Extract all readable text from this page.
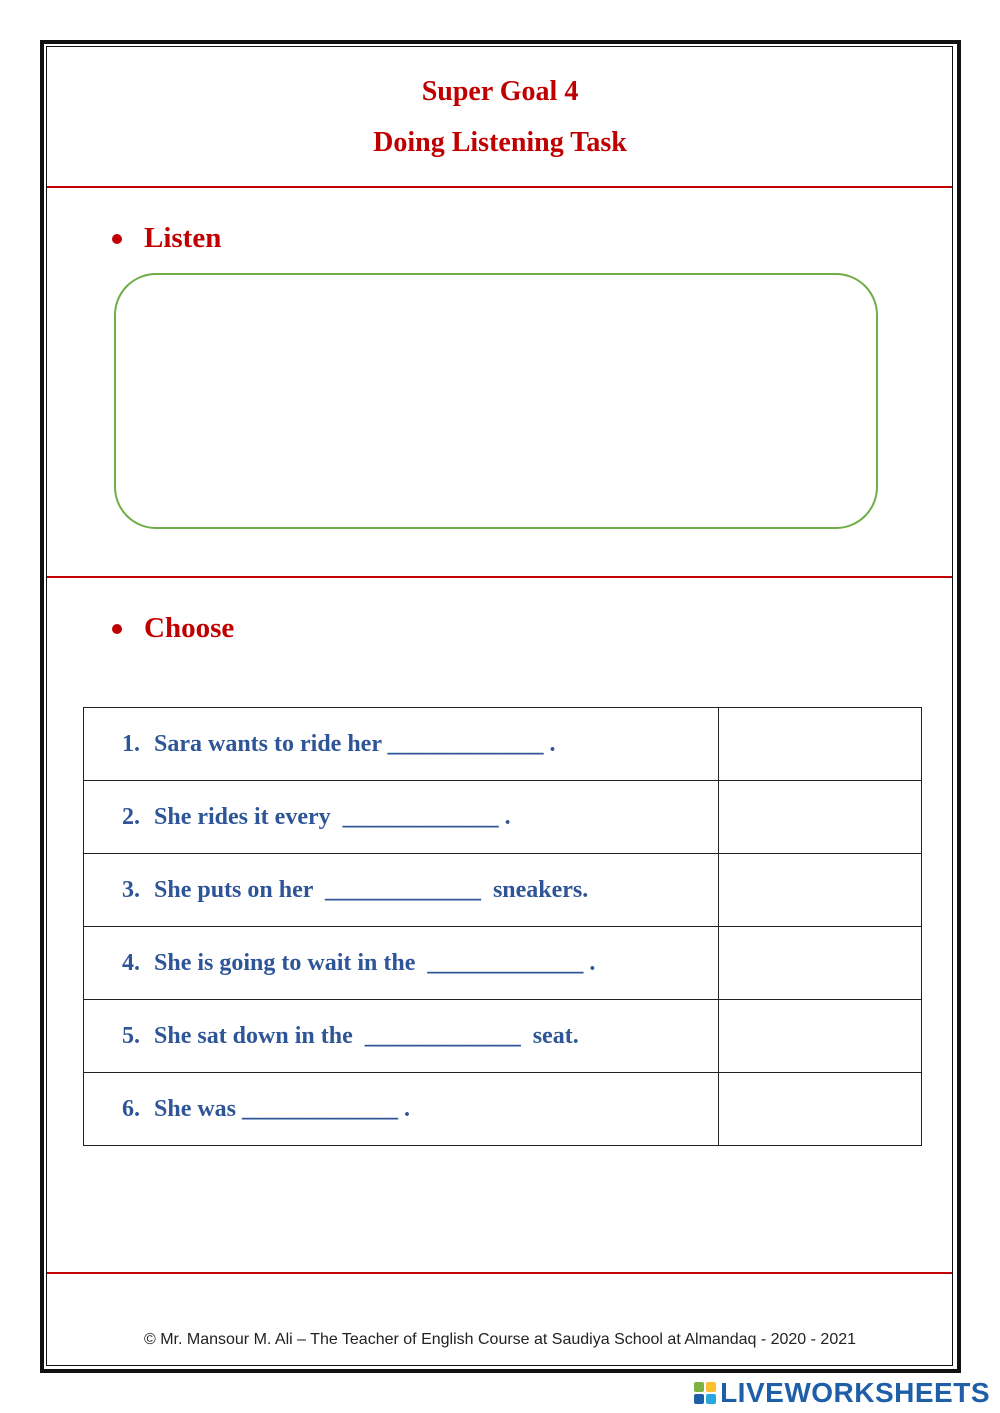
Super Goal 4
Doing Listening Task
Listen
Choose
1. Sara wants to ride her _____________ .	
2. She rides it every  _____________ .	
3. She puts on her  _____________  sneakers.	
4. She is going to wait in the  _____________ .	
5. She sat down in the  _____________  seat.	
6. She was _____________ .	
© Mr. Mansour M. Ali – The Teacher of English Course at Saudiya School at Almandaq - 2020 - 2021
LIVEWORKSHEETS
